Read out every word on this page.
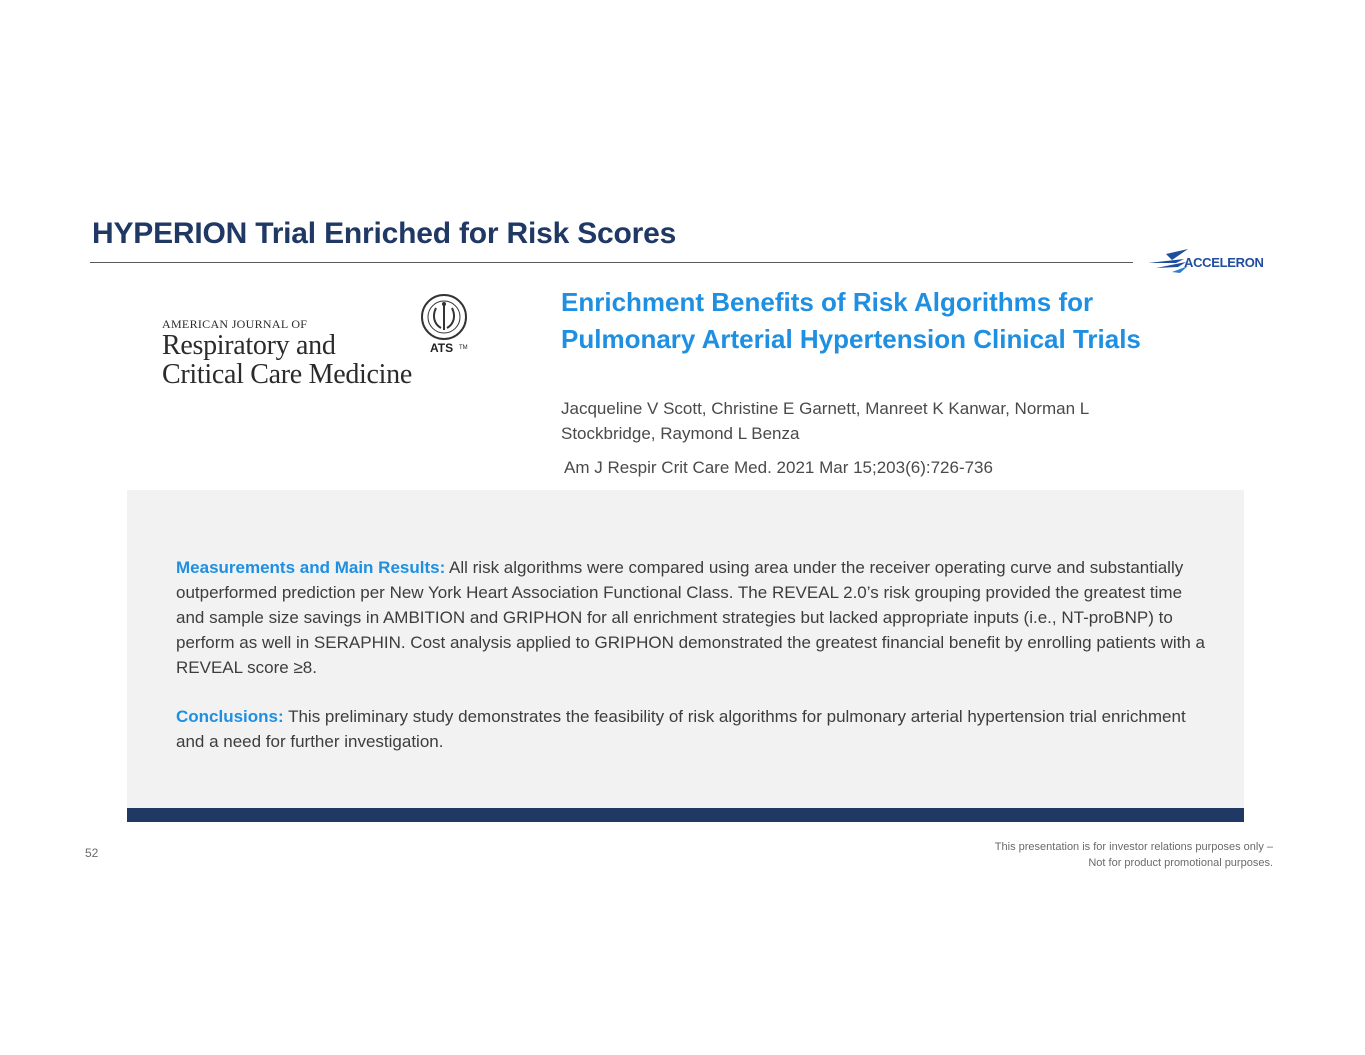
HYPERION Trial Enriched for Risk Scores
ACCELERON
AMERICAN JOURNAL OF
Respiratory and
Critical Care Medicine
ATS TM
Enrichment Benefits of Risk Algorithms for Pulmonary Arterial Hypertension Clinical Trials
Jacqueline V Scott, Christine E Garnett, Manreet K Kanwar, Norman L Stockbridge, Raymond L Benza
Am J Respir Crit Care Med. 2021 Mar 15;203(6):726-736

Measurements and Main Results: All risk algorithms were compared using area under the receiver operating curve and substantially outperformed prediction per New York Heart Association Functional Class. The REVEAL 2.0’s risk grouping provided the greatest time and sample size savings in AMBITION and GRIPHON for all enrichment strategies but lacked appropriate inputs (i.e., NT-proBNP) to perform as well in SERAPHIN. Cost analysis applied to GRIPHON demonstrated the greatest financial benefit by enrolling patients with a REVEAL score ≥8.

Conclusions: This preliminary study demonstrates the feasibility of risk algorithms for pulmonary arterial hypertension trial enrichment and a need for further investigation.

52	This presentation is for investor relations purposes only –
Not for product promotional purposes.
